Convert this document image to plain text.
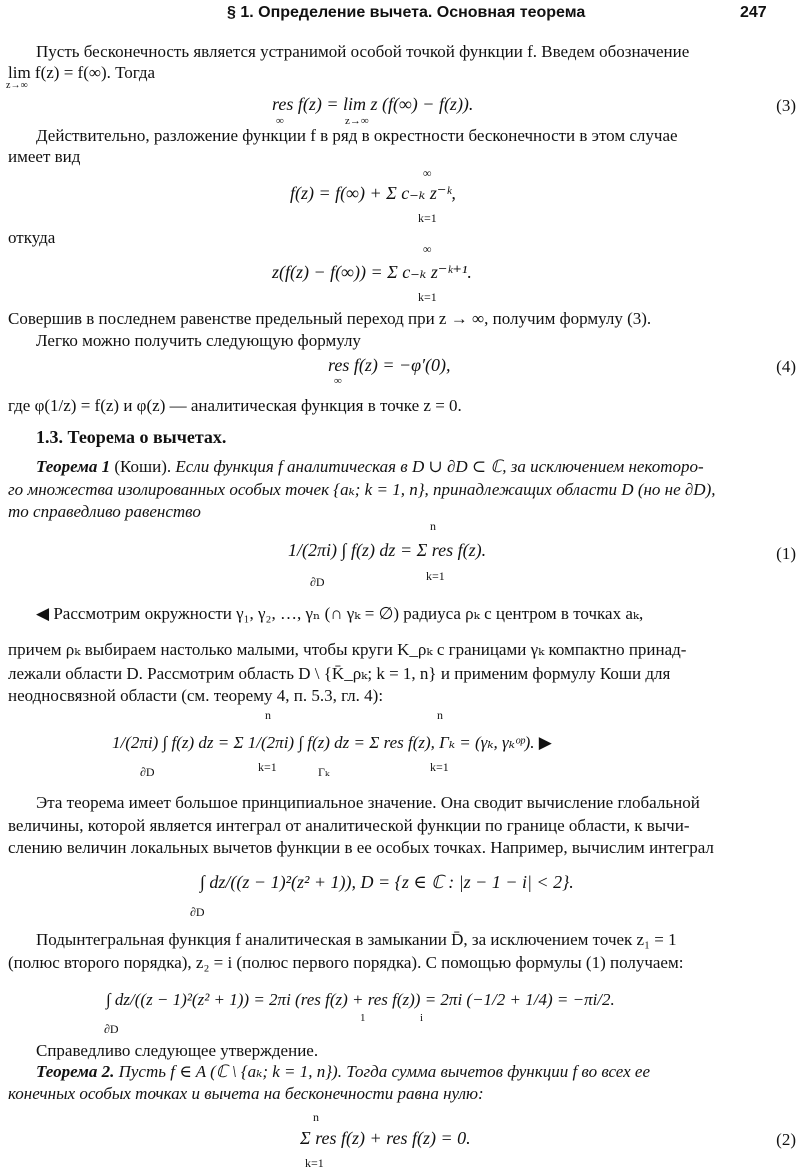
§ 1. Определение вычета. Основная теорема	247
Пусть бесконечность является устранимой особой точкой функции f. Введем обозначение
lim f(z) = f(∞). Тогда
z→∞
res f(z) = lim z (f(∞) − f(z)).
∞	z→∞
(3)
Действительно, разложение функции f в ряд в окрестности бесконечности в этом случае
имеет вид
∞
f(z) = f(∞) + Σ c₋ₖ z⁻ᵏ,
k=1
откуда
∞
z(f(z) − f(∞)) = Σ c₋ₖ z⁻ᵏ⁺¹.
k=1
Совершив в последнем равенстве предельный переход при z → ∞, получим формулу (3).
Легко можно получить следующую формулу
res f(z) = −φ′(0),
∞
(4)
где φ(1/z) = f(z) и φ(z) — аналитическая функция в точке z = 0.
1.3. Теорема о вычетах.
Теорема 1 (Коши). Если функция f аналитическая в D ∪ ∂D ⊂ ℂ, за исключением некоторо-
го множества изолированных особых точек {aₖ; k = 1, n}, принадлежащих области D (но не ∂D),
то справедливо равенство
n
1/(2πi) ∫ f(z) dz = Σ res f(z).
∂D	k=1
(1)
◀ Рассмотрим окружности γ₁, γ₂, …, γₙ (∩ γₖ = ∅) радиуса ρₖ с центром в точках aₖ,
причем ρₖ выбираем настолько малыми, чтобы круги K_ρₖ с границами γₖ компактно принад-
лежали области D. Рассмотрим область D \ {K̄_ρₖ; k = 1, n} и применим формулу Коши для
неодносвязной области (см. теорему 4, п. 5.3, гл. 4):
n	n
1/(2πi) ∫ f(z) dz = Σ 1/(2πi) ∫ f(z) dz = Σ res f(z), Γₖ = (γₖ, γₖᵒᵖ). ▶
∂D	k=1	Γₖ	k=1
Эта теорема имеет большое принципиальное значение. Она сводит вычисление глобальной
величины, которой является интеграл от аналитической функции по границе области, к вычи-
слению величин локальных вычетов функции в ее особых точках. Например, вычислим интеграл
∫ dz/((z − 1)²(z² + 1)), D = {z ∈ ℂ : |z − 1 − i| < 2}.
∂D
Подынтегральная функция f аналитическая в замыкании D̄, за исключением точек z₁ = 1
(полюс второго порядка), z₂ = i (полюс первого порядка). С помощью формулы (1) получаем:
∫ dz/((z − 1)²(z² + 1)) = 2πi (res f(z) + res f(z)) = 2πi (−1/2 + 1/4) = −πi/2.
∂D
1	i
Справедливо следующее утверждение.
Теорема 2. Пусть f ∈ A (ℂ \ {aₖ; k = 1, n}). Тогда сумма вычетов функции f во всех ее
конечных особых точках и вычета на бесконечности равна нулю:
n
Σ res f(z) + res f(z) = 0.
k=1
(2)
